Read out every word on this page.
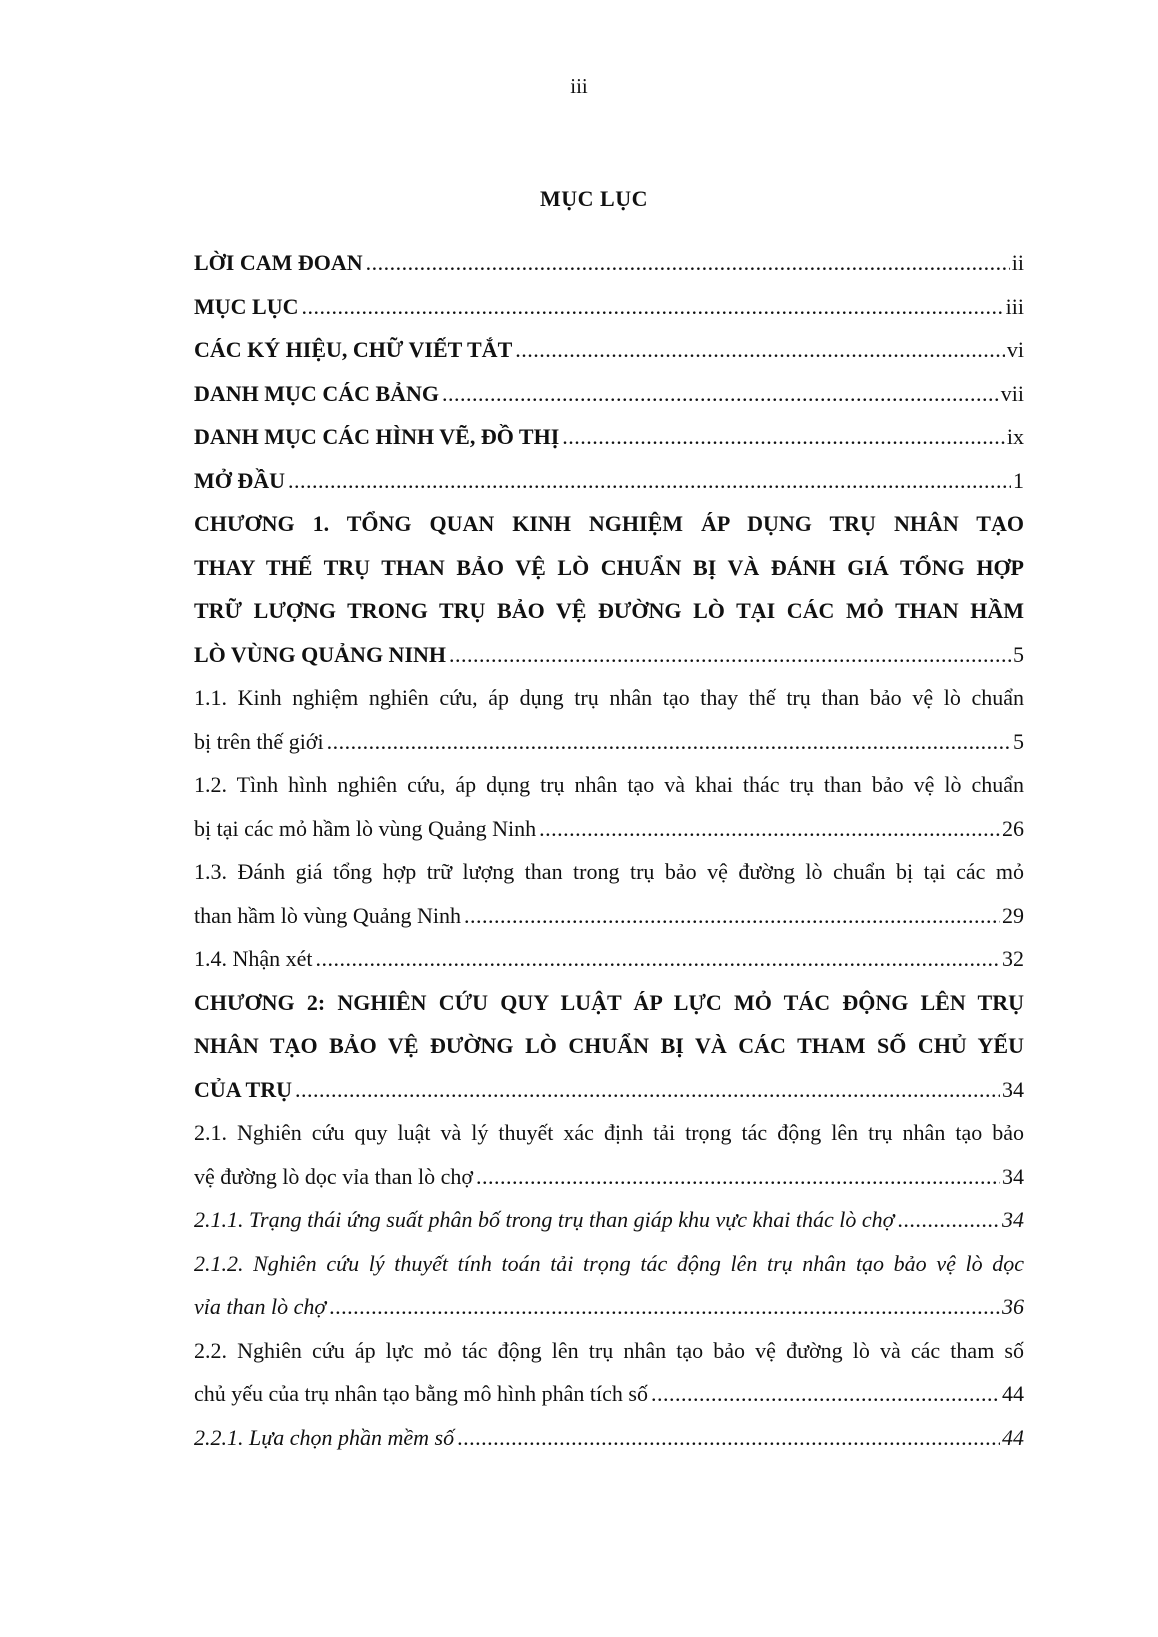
iii
MỤC LỤC
LỜI CAM ĐOAN .....	ii
MỤC LỤC .....	iii
CÁC KÝ HIỆU, CHỮ VIẾT TẮT .....	vi
DANH MỤC CÁC BẢNG .....	vii
DANH MỤC CÁC HÌNH VẼ, ĐỒ THỊ .....	ix
MỞ ĐẦU .....	1
CHƯƠNG 1. TỔNG QUAN KINH NGHIỆM ÁP DỤNG TRỤ NHÂN TẠO
THAY THẾ TRỤ THAN BẢO VỆ LÒ CHUẨN BỊ VÀ ĐÁNH GIÁ TỔNG HỢP
TRỮ LƯỢNG TRONG TRỤ BẢO VỆ ĐƯỜNG LÒ TẠI CÁC MỎ THAN HẦM
LÒ VÙNG QUẢNG NINH .....	5
1.1. Kinh nghiệm nghiên cứu, áp dụng trụ nhân tạo thay thế trụ than bảo vệ lò chuẩn
bị trên thế giới .....	5
1.2. Tình hình nghiên cứu, áp dụng trụ nhân tạo và khai thác trụ than bảo vệ lò chuẩn
bị tại các mỏ hầm lò vùng Quảng Ninh .....	26
1.3. Đánh giá tổng hợp trữ lượng than trong trụ bảo vệ đường lò chuẩn bị tại các mỏ
than hầm lò vùng Quảng Ninh .....	29
1.4. Nhận xét .....	32
CHƯƠNG 2: NGHIÊN CỨU QUY LUẬT ÁP LỰC MỎ TÁC ĐỘNG LÊN TRỤ
NHÂN TẠO BẢO VỆ ĐƯỜNG LÒ CHUẨN BỊ VÀ CÁC THAM SỐ CHỦ YẾU
CỦA TRỤ .....	34
2.1. Nghiên cứu quy luật và lý thuyết xác định tải trọng tác động lên trụ nhân tạo bảo
vệ đường lò dọc vỉa than lò chợ .....	34
2.1.1. Trạng thái ứng suất phân bố trong trụ than giáp khu vực khai thác lò chợ .....	34
2.1.2. Nghiên cứu lý thuyết tính toán tải trọng tác động lên trụ nhân tạo bảo vệ lò dọc
vỉa than lò chợ .....	36
2.2. Nghiên cứu áp lực mỏ tác động lên trụ nhân tạo bảo vệ đường lò và các tham số
chủ yếu của trụ nhân tạo bằng mô hình phân tích số .....	44
2.2.1. Lựa chọn phần mềm số .....	44
